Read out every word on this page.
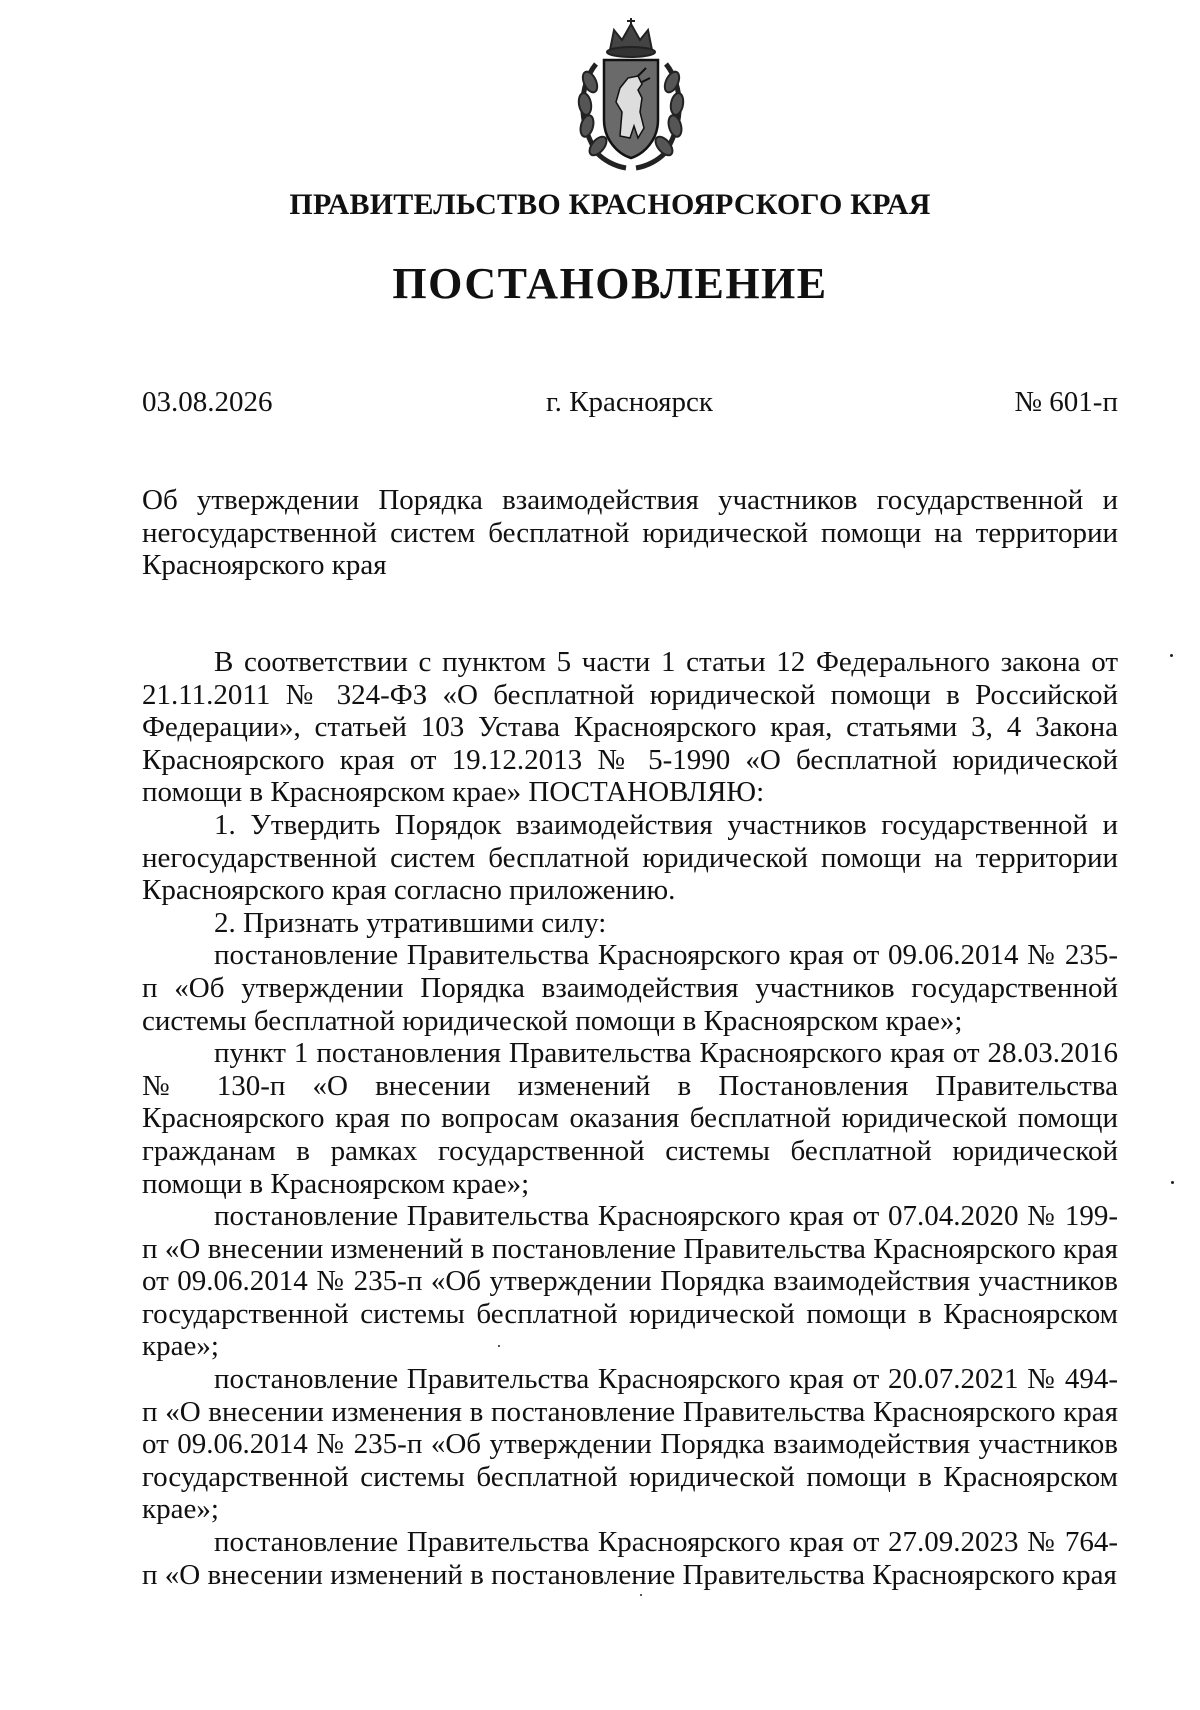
ПРАВИТЕЛЬСТВО КРАСНОЯРСКОГО КРАЯ
ПОСТАНОВЛЕНИЕ
03.08.2026	г. Красноярск	№ 601-п
Об утверждении Порядка взаимодействия участников государственной и негосударственной систем бесплатной юридической помощи на территории Красноярского края

В соответствии с пунктом 5 части 1 статьи 12 Федерального закона от 21.11.2011 № 324-ФЗ «О бесплатной юридической помощи в Российской Федерации», статьей 103 Устава Красноярского края, статьями 3, 4 Закона Красноярского края от 19.12.2013 № 5-1990 «О бесплатной юридической помощи в Красноярском крае» ПОСТАНОВЛЯЮ:

1. Утвердить Порядок взаимодействия участников государственной и негосударственной систем бесплатной юридической помощи на территории Красноярского края согласно приложению.

2. Признать утратившими силу:

постановление Правительства Красноярского края от 09.06.2014 № 235-п «Об утверждении Порядка взаимодействия участников государственной системы бесплатной юридической помощи в Красноярском крае»;

пункт 1 постановления Правительства Красноярского края от 28.03.2016 № 130-п «О внесении изменений в Постановления Правительства Красноярского края по вопросам оказания бесплатной юридической помощи гражданам в рамках государственной системы бесплатной юридической помощи в Красноярском крае»;

постановление Правительства Красноярского края от 07.04.2020 № 199-п «О внесении изменений в постановление Правительства Красноярского края от 09.06.2014 № 235-п «Об утверждении Порядка взаимодействия участников государственной системы бесплатной юридической помощи в Красноярском крае»;

постановление Правительства Красноярского края от 20.07.2021 № 494-п «О внесении изменения в постановление Правительства Красноярского края от 09.06.2014 № 235-п «Об утверждении Порядка взаимодействия участников государственной системы бесплатной юридической помощи в Красноярском крае»;

постановление Правительства Красноярского края от 27.09.2023 № 764-п «О внесении изменений в постановление Правительства Красноярского края
